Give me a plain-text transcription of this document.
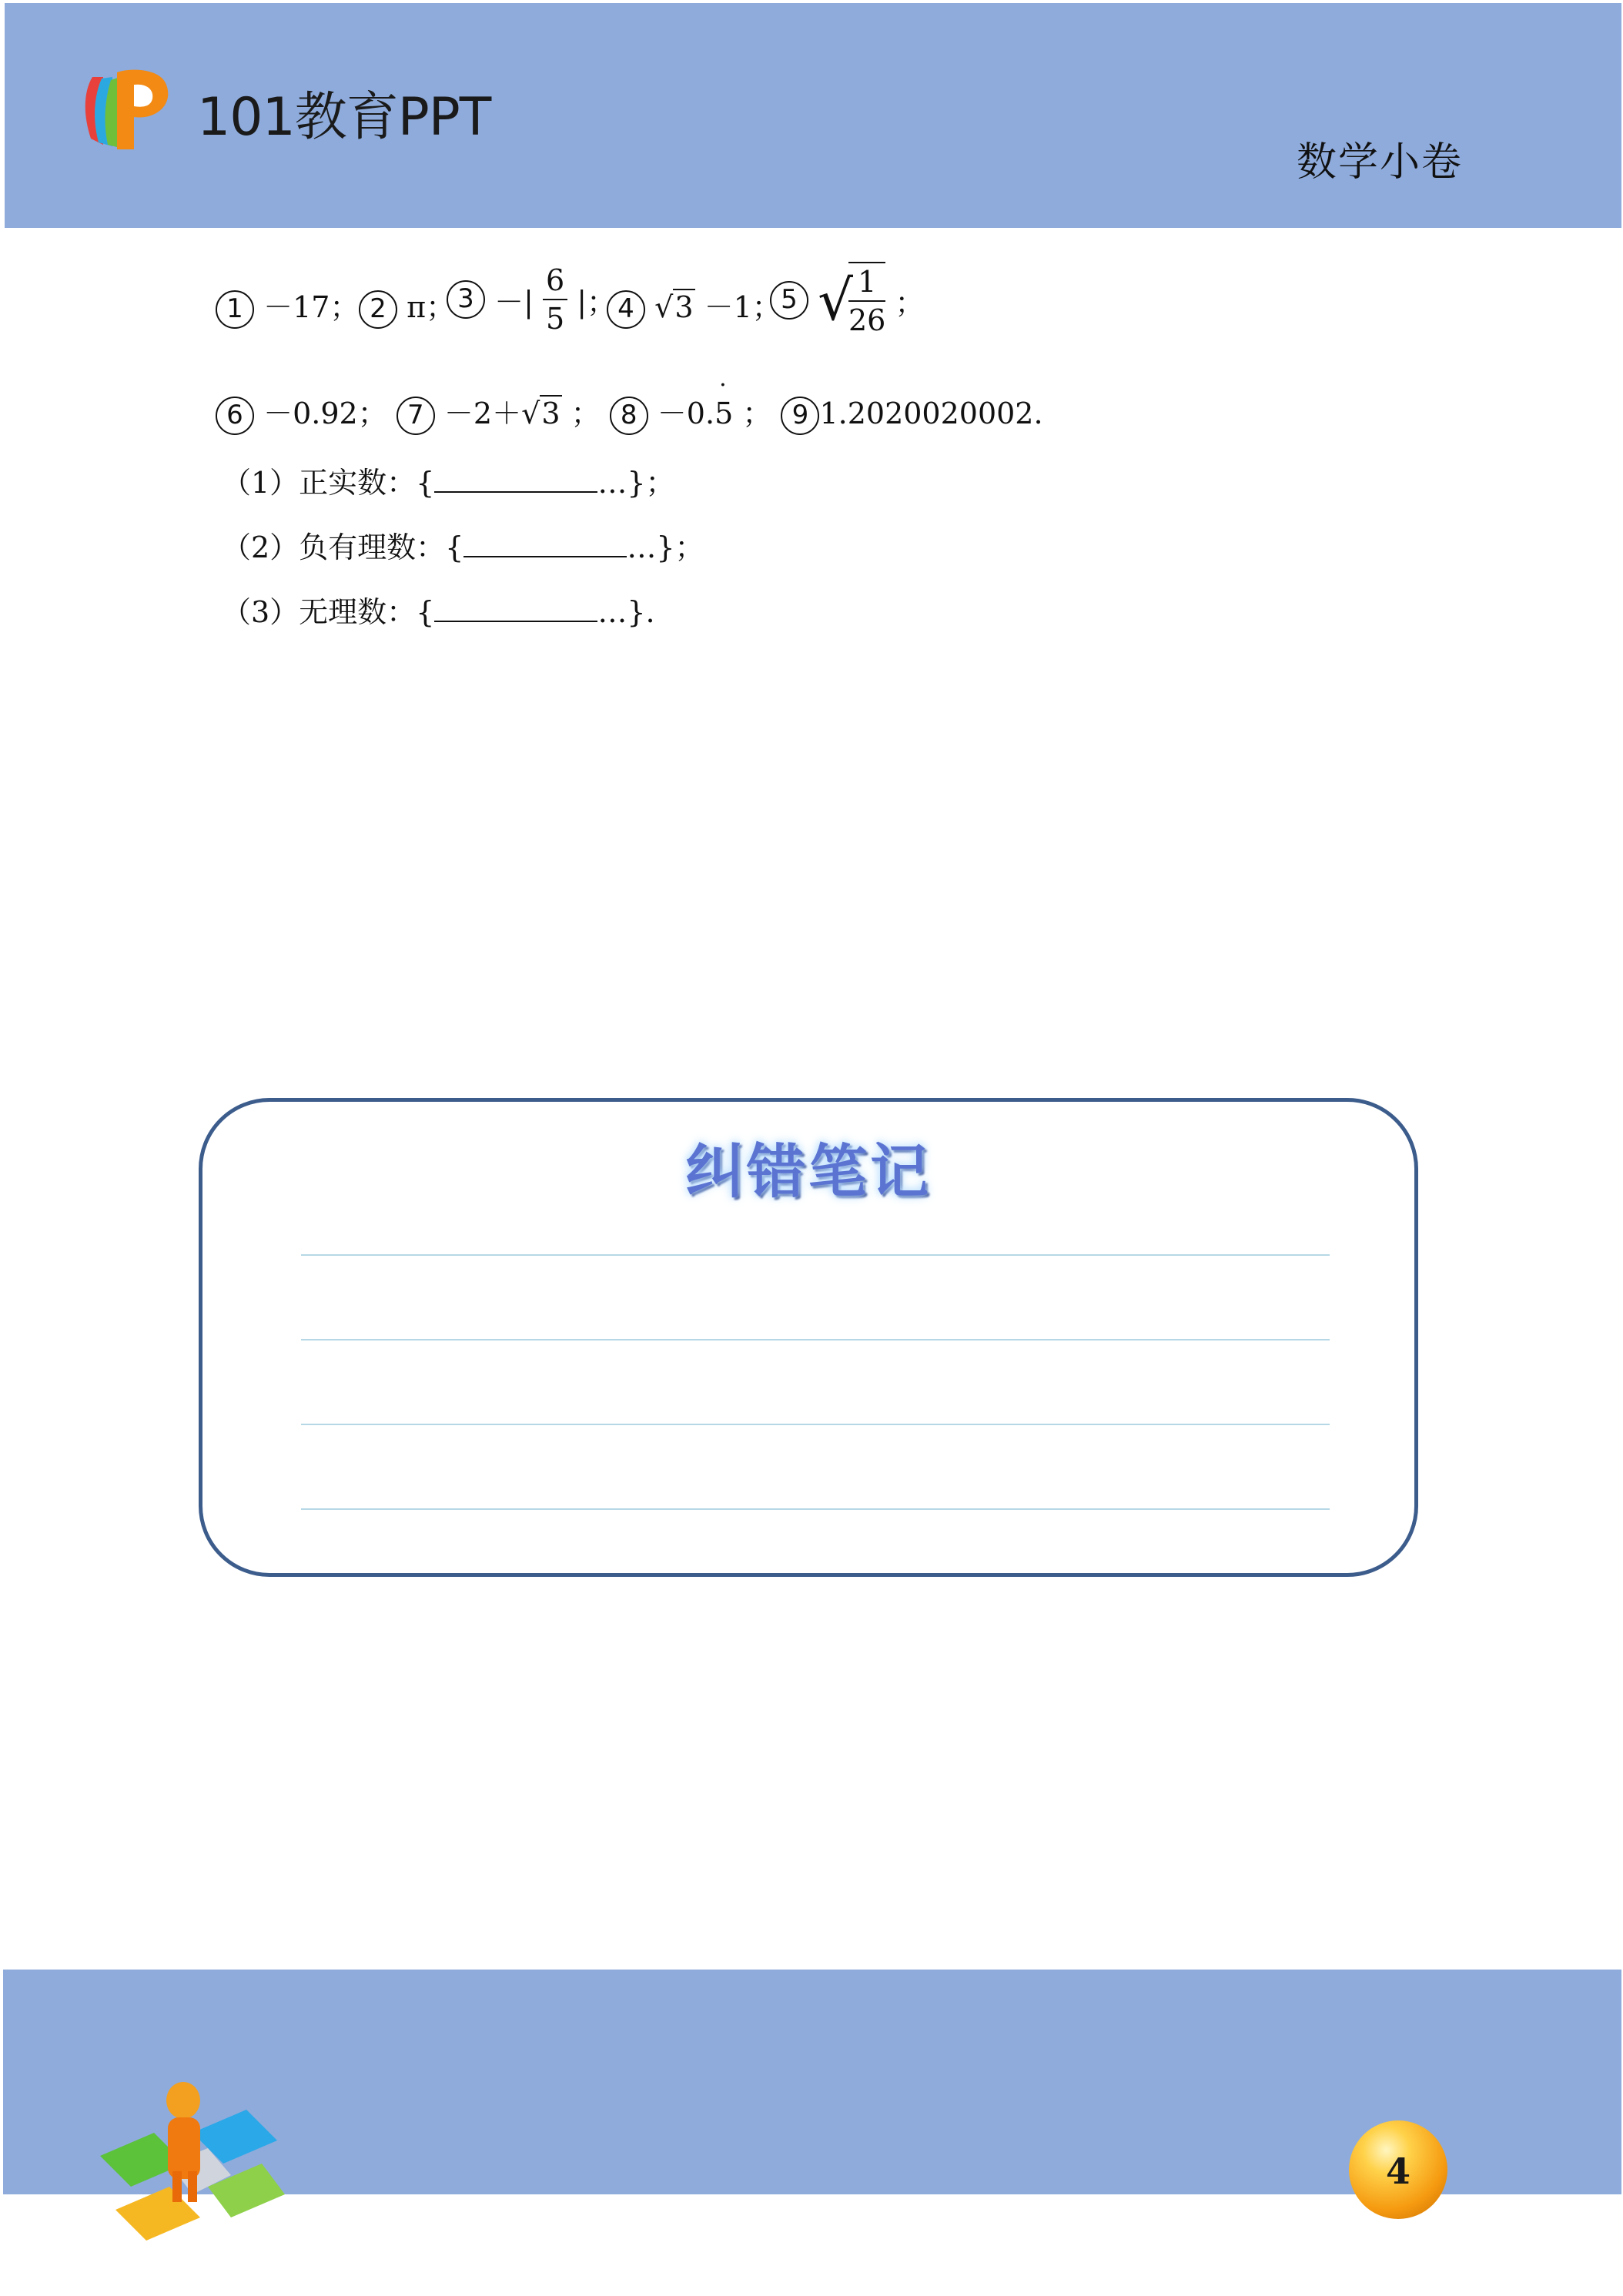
101教育PPT
数学小卷
1 －17； 2 π； 3 －| $\frac{6}{5}$ |； 4 √3 －1； 5 √
$\frac{1}{26}$ ；
6 －0.92； 7 －2＋√3 ； 8 －0.5
·
； 9 1.2020020002.
（1）正实数：{	…}；
（2）负有理数：{	…}；
（3）无理数：{	…}.
纠错笔记
4
